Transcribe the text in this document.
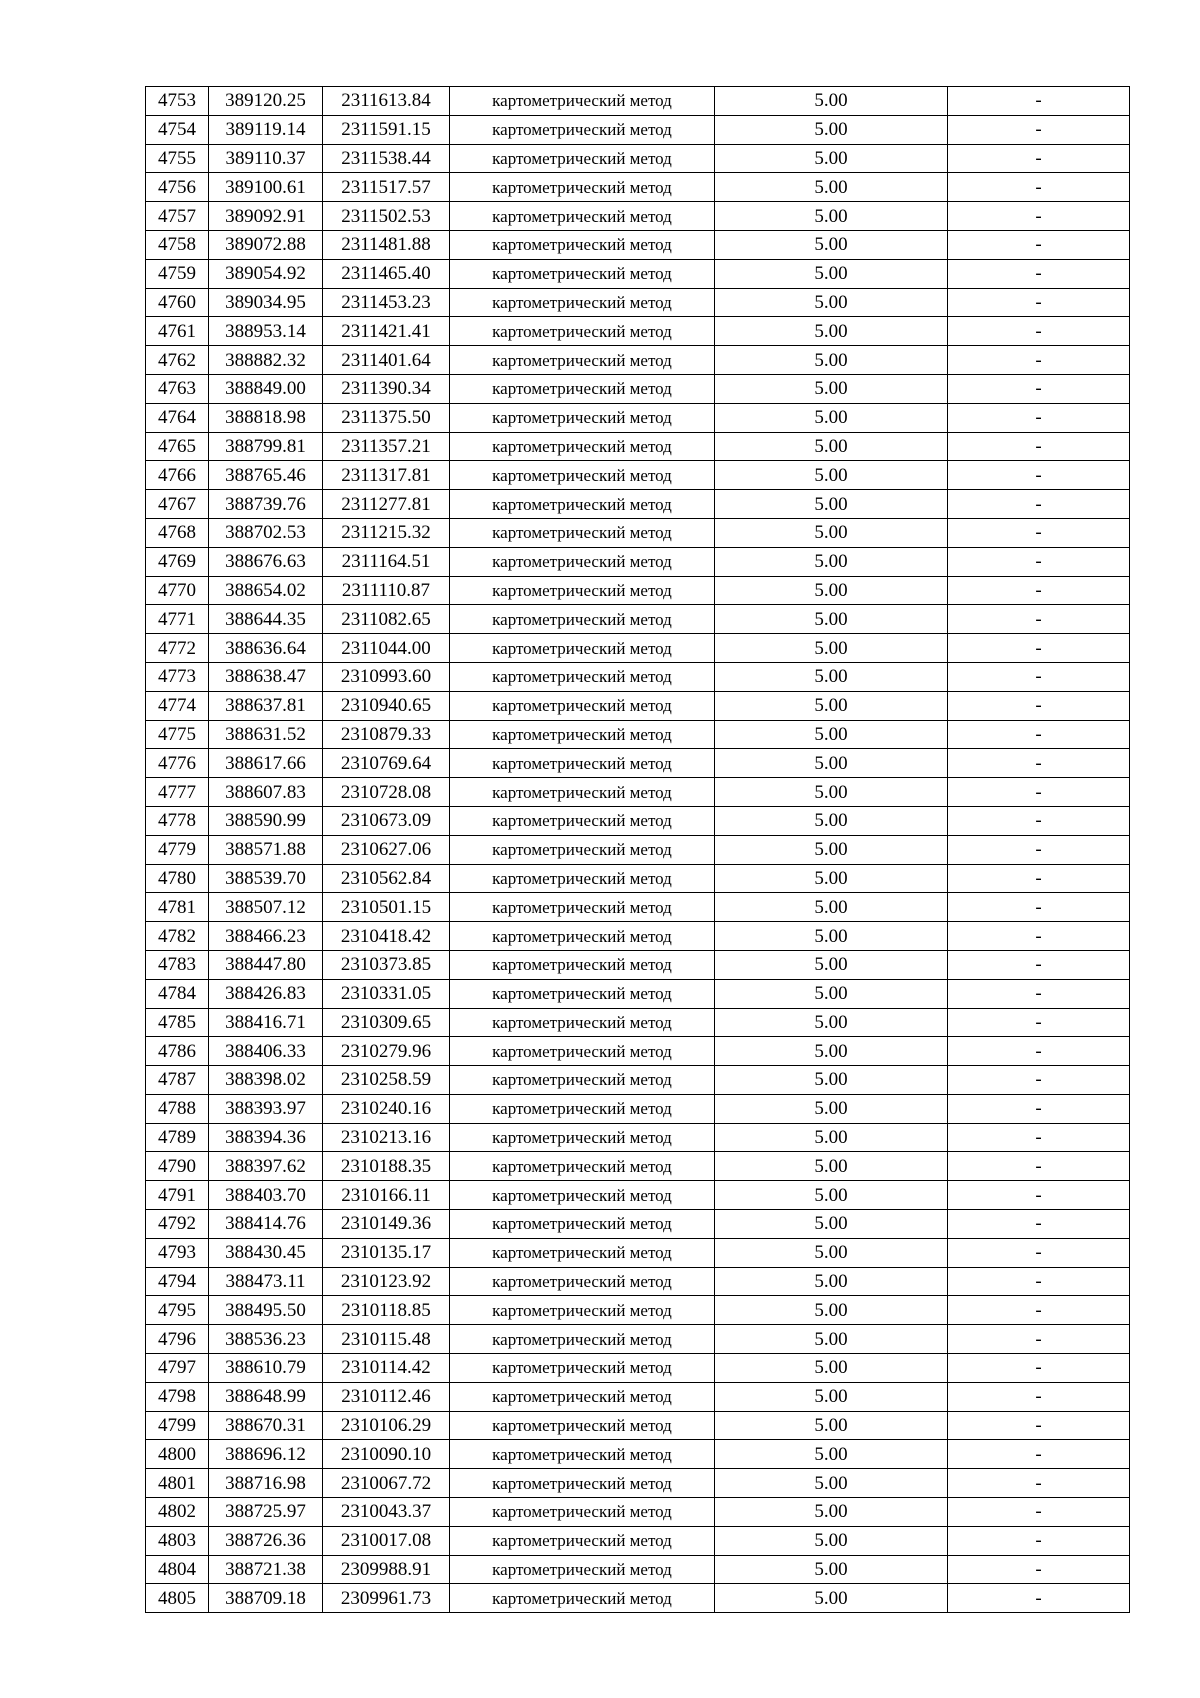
4753	389120.25	2311613.84	картометрический метод	5.00	-
4754	389119.14	2311591.15	картометрический метод	5.00	-
4755	389110.37	2311538.44	картометрический метод	5.00	-
4756	389100.61	2311517.57	картометрический метод	5.00	-
4757	389092.91	2311502.53	картометрический метод	5.00	-
4758	389072.88	2311481.88	картометрический метод	5.00	-
4759	389054.92	2311465.40	картометрический метод	5.00	-
4760	389034.95	2311453.23	картометрический метод	5.00	-
4761	388953.14	2311421.41	картометрический метод	5.00	-
4762	388882.32	2311401.64	картометрический метод	5.00	-
4763	388849.00	2311390.34	картометрический метод	5.00	-
4764	388818.98	2311375.50	картометрический метод	5.00	-
4765	388799.81	2311357.21	картометрический метод	5.00	-
4766	388765.46	2311317.81	картометрический метод	5.00	-
4767	388739.76	2311277.81	картометрический метод	5.00	-
4768	388702.53	2311215.32	картометрический метод	5.00	-
4769	388676.63	2311164.51	картометрический метод	5.00	-
4770	388654.02	2311110.87	картометрический метод	5.00	-
4771	388644.35	2311082.65	картометрический метод	5.00	-
4772	388636.64	2311044.00	картометрический метод	5.00	-
4773	388638.47	2310993.60	картометрический метод	5.00	-
4774	388637.81	2310940.65	картометрический метод	5.00	-
4775	388631.52	2310879.33	картометрический метод	5.00	-
4776	388617.66	2310769.64	картометрический метод	5.00	-
4777	388607.83	2310728.08	картометрический метод	5.00	-
4778	388590.99	2310673.09	картометрический метод	5.00	-
4779	388571.88	2310627.06	картометрический метод	5.00	-
4780	388539.70	2310562.84	картометрический метод	5.00	-
4781	388507.12	2310501.15	картометрический метод	5.00	-
4782	388466.23	2310418.42	картометрический метод	5.00	-
4783	388447.80	2310373.85	картометрический метод	5.00	-
4784	388426.83	2310331.05	картометрический метод	5.00	-
4785	388416.71	2310309.65	картометрический метод	5.00	-
4786	388406.33	2310279.96	картометрический метод	5.00	-
4787	388398.02	2310258.59	картометрический метод	5.00	-
4788	388393.97	2310240.16	картометрический метод	5.00	-
4789	388394.36	2310213.16	картометрический метод	5.00	-
4790	388397.62	2310188.35	картометрический метод	5.00	-
4791	388403.70	2310166.11	картометрический метод	5.00	-
4792	388414.76	2310149.36	картометрический метод	5.00	-
4793	388430.45	2310135.17	картометрический метод	5.00	-
4794	388473.11	2310123.92	картометрический метод	5.00	-
4795	388495.50	2310118.85	картометрический метод	5.00	-
4796	388536.23	2310115.48	картометрический метод	5.00	-
4797	388610.79	2310114.42	картометрический метод	5.00	-
4798	388648.99	2310112.46	картометрический метод	5.00	-
4799	388670.31	2310106.29	картометрический метод	5.00	-
4800	388696.12	2310090.10	картометрический метод	5.00	-
4801	388716.98	2310067.72	картометрический метод	5.00	-
4802	388725.97	2310043.37	картометрический метод	5.00	-
4803	388726.36	2310017.08	картометрический метод	5.00	-
4804	388721.38	2309988.91	картометрический метод	5.00	-
4805	388709.18	2309961.73	картометрический метод	5.00	-
